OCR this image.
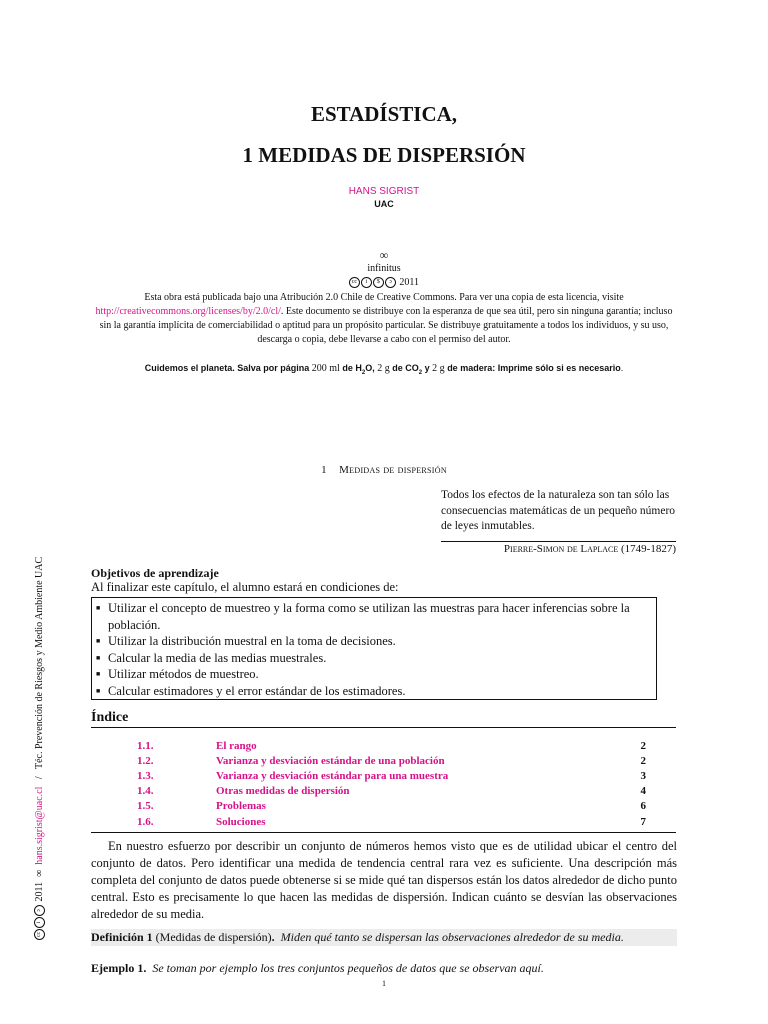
ESTADÍSTICA,
1 MEDIDAS DE DISPERSIÓN
HANS SIGRIST
UAC
∞
infinitus
cc i $ ↄ 2011
Esta obra está publicada bajo una Atribución 2.0 Chile de Creative Commons. Para ver una copia de esta licencia, visite http://creativecommons.org/licenses/by/2.0/cl/. Este documento se distribuye con la esperanza de que sea útil, pero sin ninguna garantía; incluso sin la garantía implícita de comerciabilidad o aptitud para un propósito particular. Se distribuye gratuitamente a todos los individuos, y su uso, descarga o copia, debe llevarse a cabo con el permiso del autor.
Cuidemos el planeta. Salva por página 200 ml de $H_2O$, 2 g de $CO_2$ y 2 g de madera: Imprime sólo si es necesario.
1 Medidas de dispersión
Todos los efectos de la naturaleza son tan sólo las consecuencias matemáticas de un pequeño número de leyes inmutables.
Pierre-Simon de Laplace (1749-1827)
Objetivos de aprendizaje
Al finalizar este capítulo, el alumno estará en condiciones de:
■ Utilizar el concepto de muestreo y la forma como se utilizan las muestras para hacer inferencias sobre la población.
■ Utilizar la distribución muestral en la toma de decisiones.
■ Calcular la media de las medias muestrales.
■ Utilizar métodos de muestreo.
■ Calcular estimadores y el error estándar de los estimadores.
Índice
1.1.	El rango	2
1.2.	Varianza y desviación estándar de una población	2
1.3.	Varianza y desviación estándar para una muestra	3
1.4.	Otras medidas de dispersión	4
1.5.	Problemas	6
1.6.	Soluciones	7
En nuestro esfuerzo por describir un conjunto de números hemos visto que es de utilidad ubicar el centro del conjunto de datos. Pero identificar una medida de tendencia central rara vez es suficiente. Una descripción más completa del conjunto de datos puede obtenerse si se mide qué tan dispersos están los datos alrededor de dicho punto central. Esto es precisamente lo que hacen las medidas de dispersión. Indican cuánto se desvían las observaciones alrededor de su media.
Definición 1 (Medidas de dispersión). Miden qué tanto se dispersan las observaciones alrededor de su media.
Ejemplo 1. Se toman por ejemplo los tres conjuntos pequeños de datos que se observan aquí.
1
cciↄ 2011  ∞  hans.sigrist@uac.cl   /   Téc. Prevención de Riesgos y Medio Ambiente UAC
